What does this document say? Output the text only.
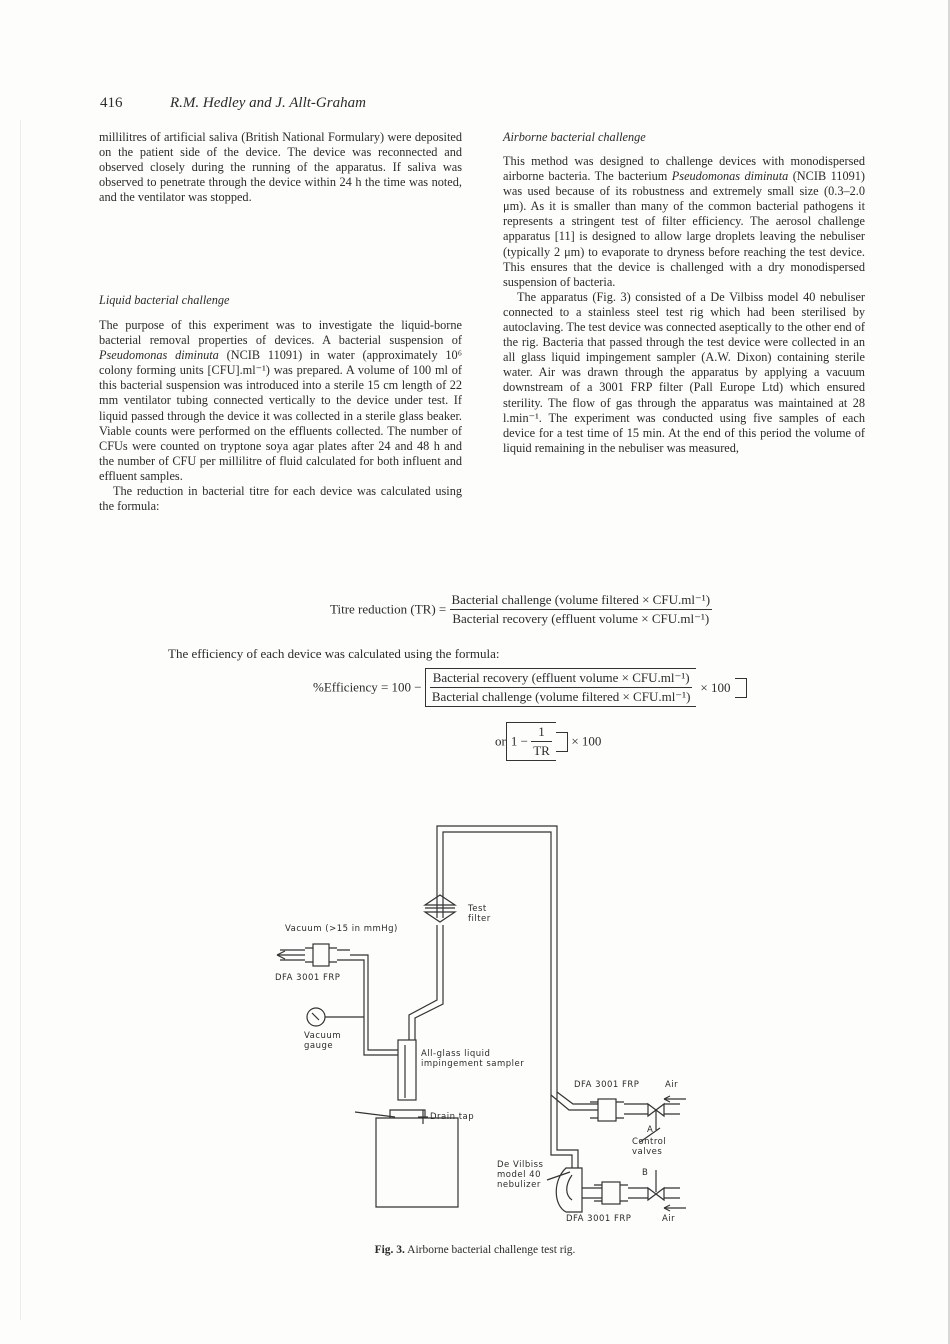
416	R.M. Hedley and J. Allt-Graham

millilitres of artificial saliva (British National Formulary) were deposited on the patient side of the device. The device was reconnected and observed closely during the running of the apparatus. If saliva was observed to penetrate through the device within 24 h the time was noted, and the ventilator was stopped.

Liquid bacterial challenge

The purpose of this experiment was to investigate the liquid-borne bacterial removal properties of devices. A bacterial suspension of Pseudomonas diminuta (NCIB 11091) in water (approximately 10⁶ colony forming units [CFU].ml⁻¹) was prepared. A volume of 100 ml of this bacterial suspension was introduced into a sterile 15 cm length of 22 mm ventilator tubing connected vertically to the device under test. If liquid passed through the device it was collected in a sterile glass beaker. Viable counts were performed on the effluents collected. The number of CFUs were counted on tryptone soya agar plates after 24 and 48 h and the number of CFU per millilitre of fluid calculated for both influent and effluent samples.

The reduction in bacterial titre for each device was calculated using the formula:

Airborne bacterial challenge

This method was designed to challenge devices with monodispersed airborne bacteria. The bacterium Pseudomonas diminuta (NCIB 11091) was used because of its robustness and extremely small size (0.3–2.0 μm). As it is smaller than many of the common bacterial pathogens it represents a stringent test of filter efficiency. The aerosol challenge apparatus [11] is designed to allow large droplets leaving the nebuliser (typically 2 μm) to evaporate to dryness before reaching the test device. This ensures that the device is challenged with a dry monodispersed suspension of bacteria.

The apparatus (Fig. 3) consisted of a De Vilbiss model 40 nebuliser connected to a stainless steel test rig which had been sterilised by autoclaving. The test device was connected aseptically to the other end of the rig. Bacteria that passed through the test device were collected in an all glass liquid impingement sampler (A.W. Dixon) containing sterile water. Air was drawn through the apparatus by applying a vacuum downstream of a 3001 FRP filter (Pall Europe Ltd) which ensured sterility. The flow of gas through the apparatus was maintained at 28 l.min⁻¹. The experiment was conducted using five samples of each device for a test time of 15 min. At the end of this period the volume of liquid remaining in the nebuliser was measured,

Titre reduction $(TR) = \frac{\text{Bacterial challenge (volume filtered × CFU.ml⁻¹)}}{\text{Bacterial recovery (effluent volume × CFU.ml⁻¹)}}$
The efficiency of each device was calculated using the formula:
%Efficiency = $100 - \frac{\text{Bacterial recovery (effluent volume × CFU.ml⁻¹)}}{\text{Bacterial challenge (volume filtered × CFU.ml⁻¹)}} \times 100$
or $1 - \frac{1}{TR} \times 100$
Test filter
Vacuum (>15 in mmHg)
DFA 3001 FRP
Vacuum gauge
All-glass liquid impingement sampler
Drain tap
DFA 3001 FRP	Air
A
Control valves
B
De Vilbiss model 40 nebulizer
DFA 3001 FRP	Air
Fig. 3. Airborne bacterial challenge test rig.
